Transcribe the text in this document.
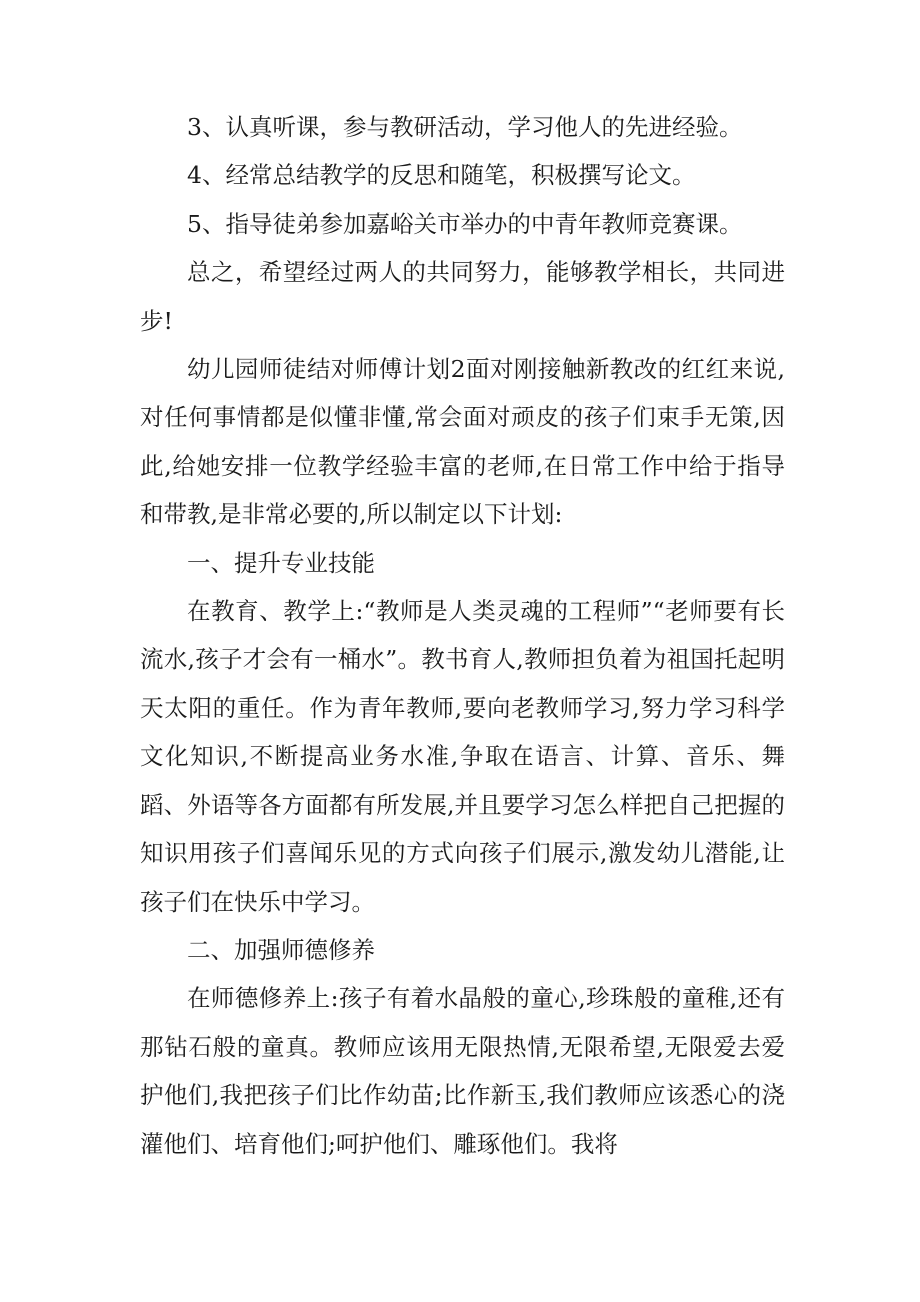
3、认真听课，参与教研活动，学习他人的先进经验。

4、经常总结教学的反思和随笔，积极撰写论文。

5、指导徒弟参加嘉峪关市举办的中青年教师竞赛课。

总之，希望经过两人的共同努力，能够教学相长，共同进步!

幼儿园师徒结对师傅计划2面对刚接触新教改的红红来说,对任何事情都是似懂非懂,常会面对顽皮的孩子们束手无策,因此,给她安排一位教学经验丰富的老师,在日常工作中给于指导和带教,是非常必要的,所以制定以下计划:

一、提升专业技能

在教育、教学上:“教师是人类灵魂的工程师”“老师要有长流水,孩子才会有一桶水”。教书育人,教师担负着为祖国托起明天太阳的重任。作为青年教师,要向老教师学习,努力学习科学文化知识,不断提高业务水准,争取在语言、计算、音乐、舞蹈、外语等各方面都有所发展,并且要学习怎么样把自己把握的知识用孩子们喜闻乐见的方式向孩子们展示,激发幼儿潜能,让孩子们在快乐中学习。

二、加强师德修养

在师德修养上:孩子有着水晶般的童心,珍珠般的童稚,还有那钻石般的童真。教师应该用无限热情,无限希望,无限爱去爱护他们,我把孩子们比作幼苗;比作新玉,我们教师应该悉心的浇灌他们、培育他们;呵护他们、雕琢他们。我将
